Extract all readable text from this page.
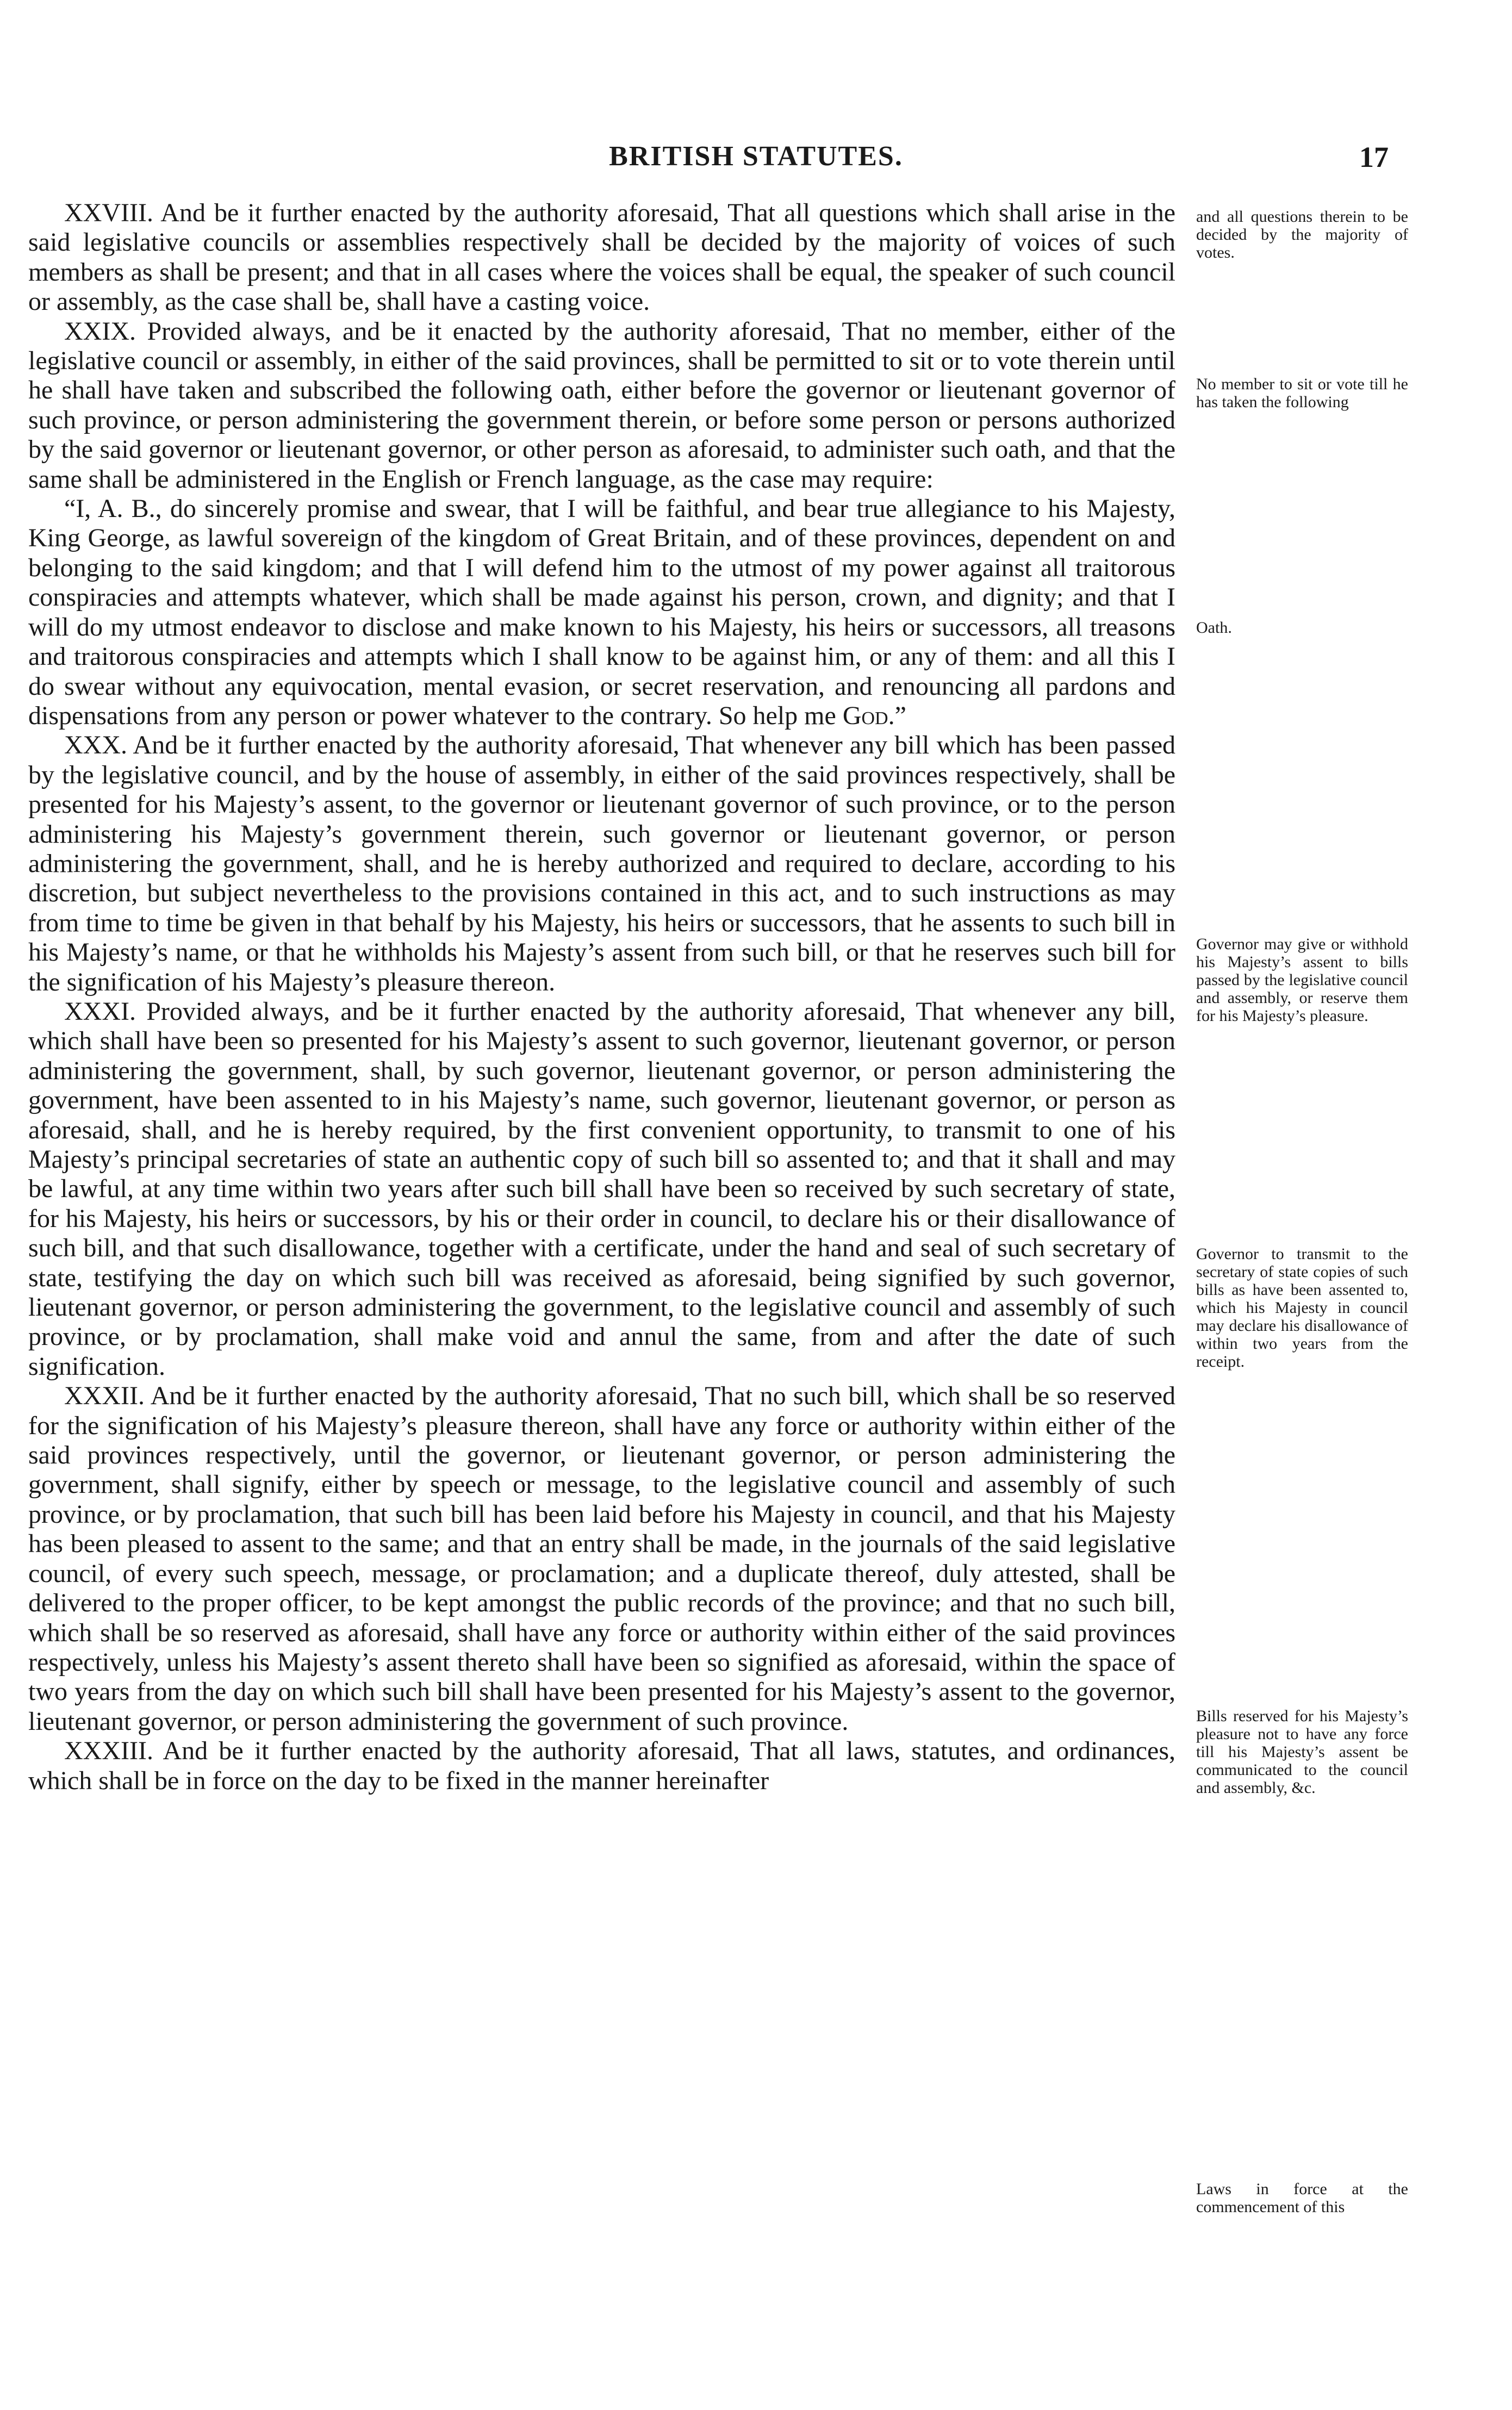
BRITISH STATUTES.	17

XXVIII. And be it further enacted by the authority aforesaid, That all questions which shall arise in the said legislative councils or assemblies respectively shall be decided by the majority of voices of such members as shall be present; and that in all cases where the voices shall be equal, the speaker of such council or assembly, as the case shall be, shall have a casting voice.

XXIX. Provided always, and be it enacted by the authority aforesaid, That no member, either of the legislative council or assembly, in either of the said provinces, shall be permitted to sit or to vote therein until he shall have taken and subscribed the following oath, either before the governor or lieutenant governor of such province, or person administering the government therein, or before some person or persons authorized by the said governor or lieutenant governor, or other person as aforesaid, to administer such oath, and that the same shall be administered in the English or French language, as the case may require:

“I, A. B., do sincerely promise and swear, that I will be faithful, and bear true allegiance to his Majesty, King George, as lawful sovereign of the kingdom of Great Britain, and of these provinces, dependent on and belonging to the said kingdom; and that I will defend him to the utmost of my power against all traitorous conspiracies and attempts whatever, which shall be made against his person, crown, and dignity; and that I will do my utmost endeavor to disclose and make known to his Majesty, his heirs or successors, all treasons and traitorous conspiracies and attempts which I shall know to be against him, or any of them: and all this I do swear without any equivocation, mental evasion, or secret reservation, and renouncing all pardons and dispensations from any person or power whatever to the contrary. So help me God.”

XXX. And be it further enacted by the authority aforesaid, That whenever any bill which has been passed by the legislative council, and by the house of assembly, in either of the said provinces respectively, shall be presented for his Majesty’s assent, to the governor or lieutenant governor of such province, or to the person administering his Majesty’s government therein, such governor or lieutenant governor, or person administering the government, shall, and he is hereby authorized and required to declare, according to his discretion, but subject nevertheless to the provisions contained in this act, and to such instructions as may from time to time be given in that behalf by his Majesty, his heirs or successors, that he assents to such bill in his Majesty’s name, or that he withholds his Majesty’s assent from such bill, or that he reserves such bill for the signification of his Majesty’s pleasure thereon.

XXXI. Provided always, and be it further enacted by the authority aforesaid, That whenever any bill, which shall have been so presented for his Majesty’s assent to such governor, lieutenant governor, or person administering the government, shall, by such governor, lieutenant governor, or person administering the government, have been assented to in his Majesty’s name, such governor, lieutenant governor, or person as aforesaid, shall, and he is hereby required, by the first convenient opportunity, to transmit to one of his Majesty’s principal secretaries of state an authentic copy of such bill so assented to; and that it shall and may be lawful, at any time within two years after such bill shall have been so received by such secretary of state, for his Majesty, his heirs or successors, by his or their order in council, to declare his or their disallowance of such bill, and that such disallowance, together with a certificate, under the hand and seal of such secretary of state, testifying the day on which such bill was received as aforesaid, being signified by such governor, lieutenant governor, or person administering the government, to the legislative council and assembly of such province, or by proclamation, shall make void and annul the same, from and after the date of such signification.

XXXII. And be it further enacted by the authority aforesaid, That no such bill, which shall be so reserved for the signification of his Majesty’s pleasure thereon, shall have any force or authority within either of the said provinces respectively, until the governor, or lieutenant governor, or person administering the government, shall signify, either by speech or message, to the legislative council and assembly of such province, or by proclamation, that such bill has been laid before his Majesty in council, and that his Majesty has been pleased to assent to the same; and that an entry shall be made, in the journals of the said legislative council, of every such speech, message, or proclamation; and a duplicate thereof, duly attested, shall be delivered to the proper officer, to be kept amongst the public records of the province; and that no such bill, which shall be so reserved as aforesaid, shall have any force or authority within either of the said provinces respectively, unless his Majesty’s assent thereto shall have been so signified as aforesaid, within the space of two years from the day on which such bill shall have been presented for his Majesty’s assent to the governor, lieutenant governor, or person administering the government of such province.

XXXIII. And be it further enacted by the authority aforesaid, That all laws, statutes, and ordinances, which shall be in force on the day to be fixed in the manner hereinafter

and all questions therein to be decided by the majority of votes.

No member to sit or vote till he has taken the following

Oath.

Governor may give or withhold his Majesty’s assent to bills passed by the legislative council and assembly, or reserve them for his Majesty’s pleasure.

Governor to transmit to the secretary of state copies of such bills as have been assented to, which his Majesty in council may declare his disallowance of within two years from the receipt.

Bills reserved for his Majesty’s pleasure not to have any force till his Majesty’s assent be communicated to the council and assembly, &c.

Laws in force at the commencement of this
